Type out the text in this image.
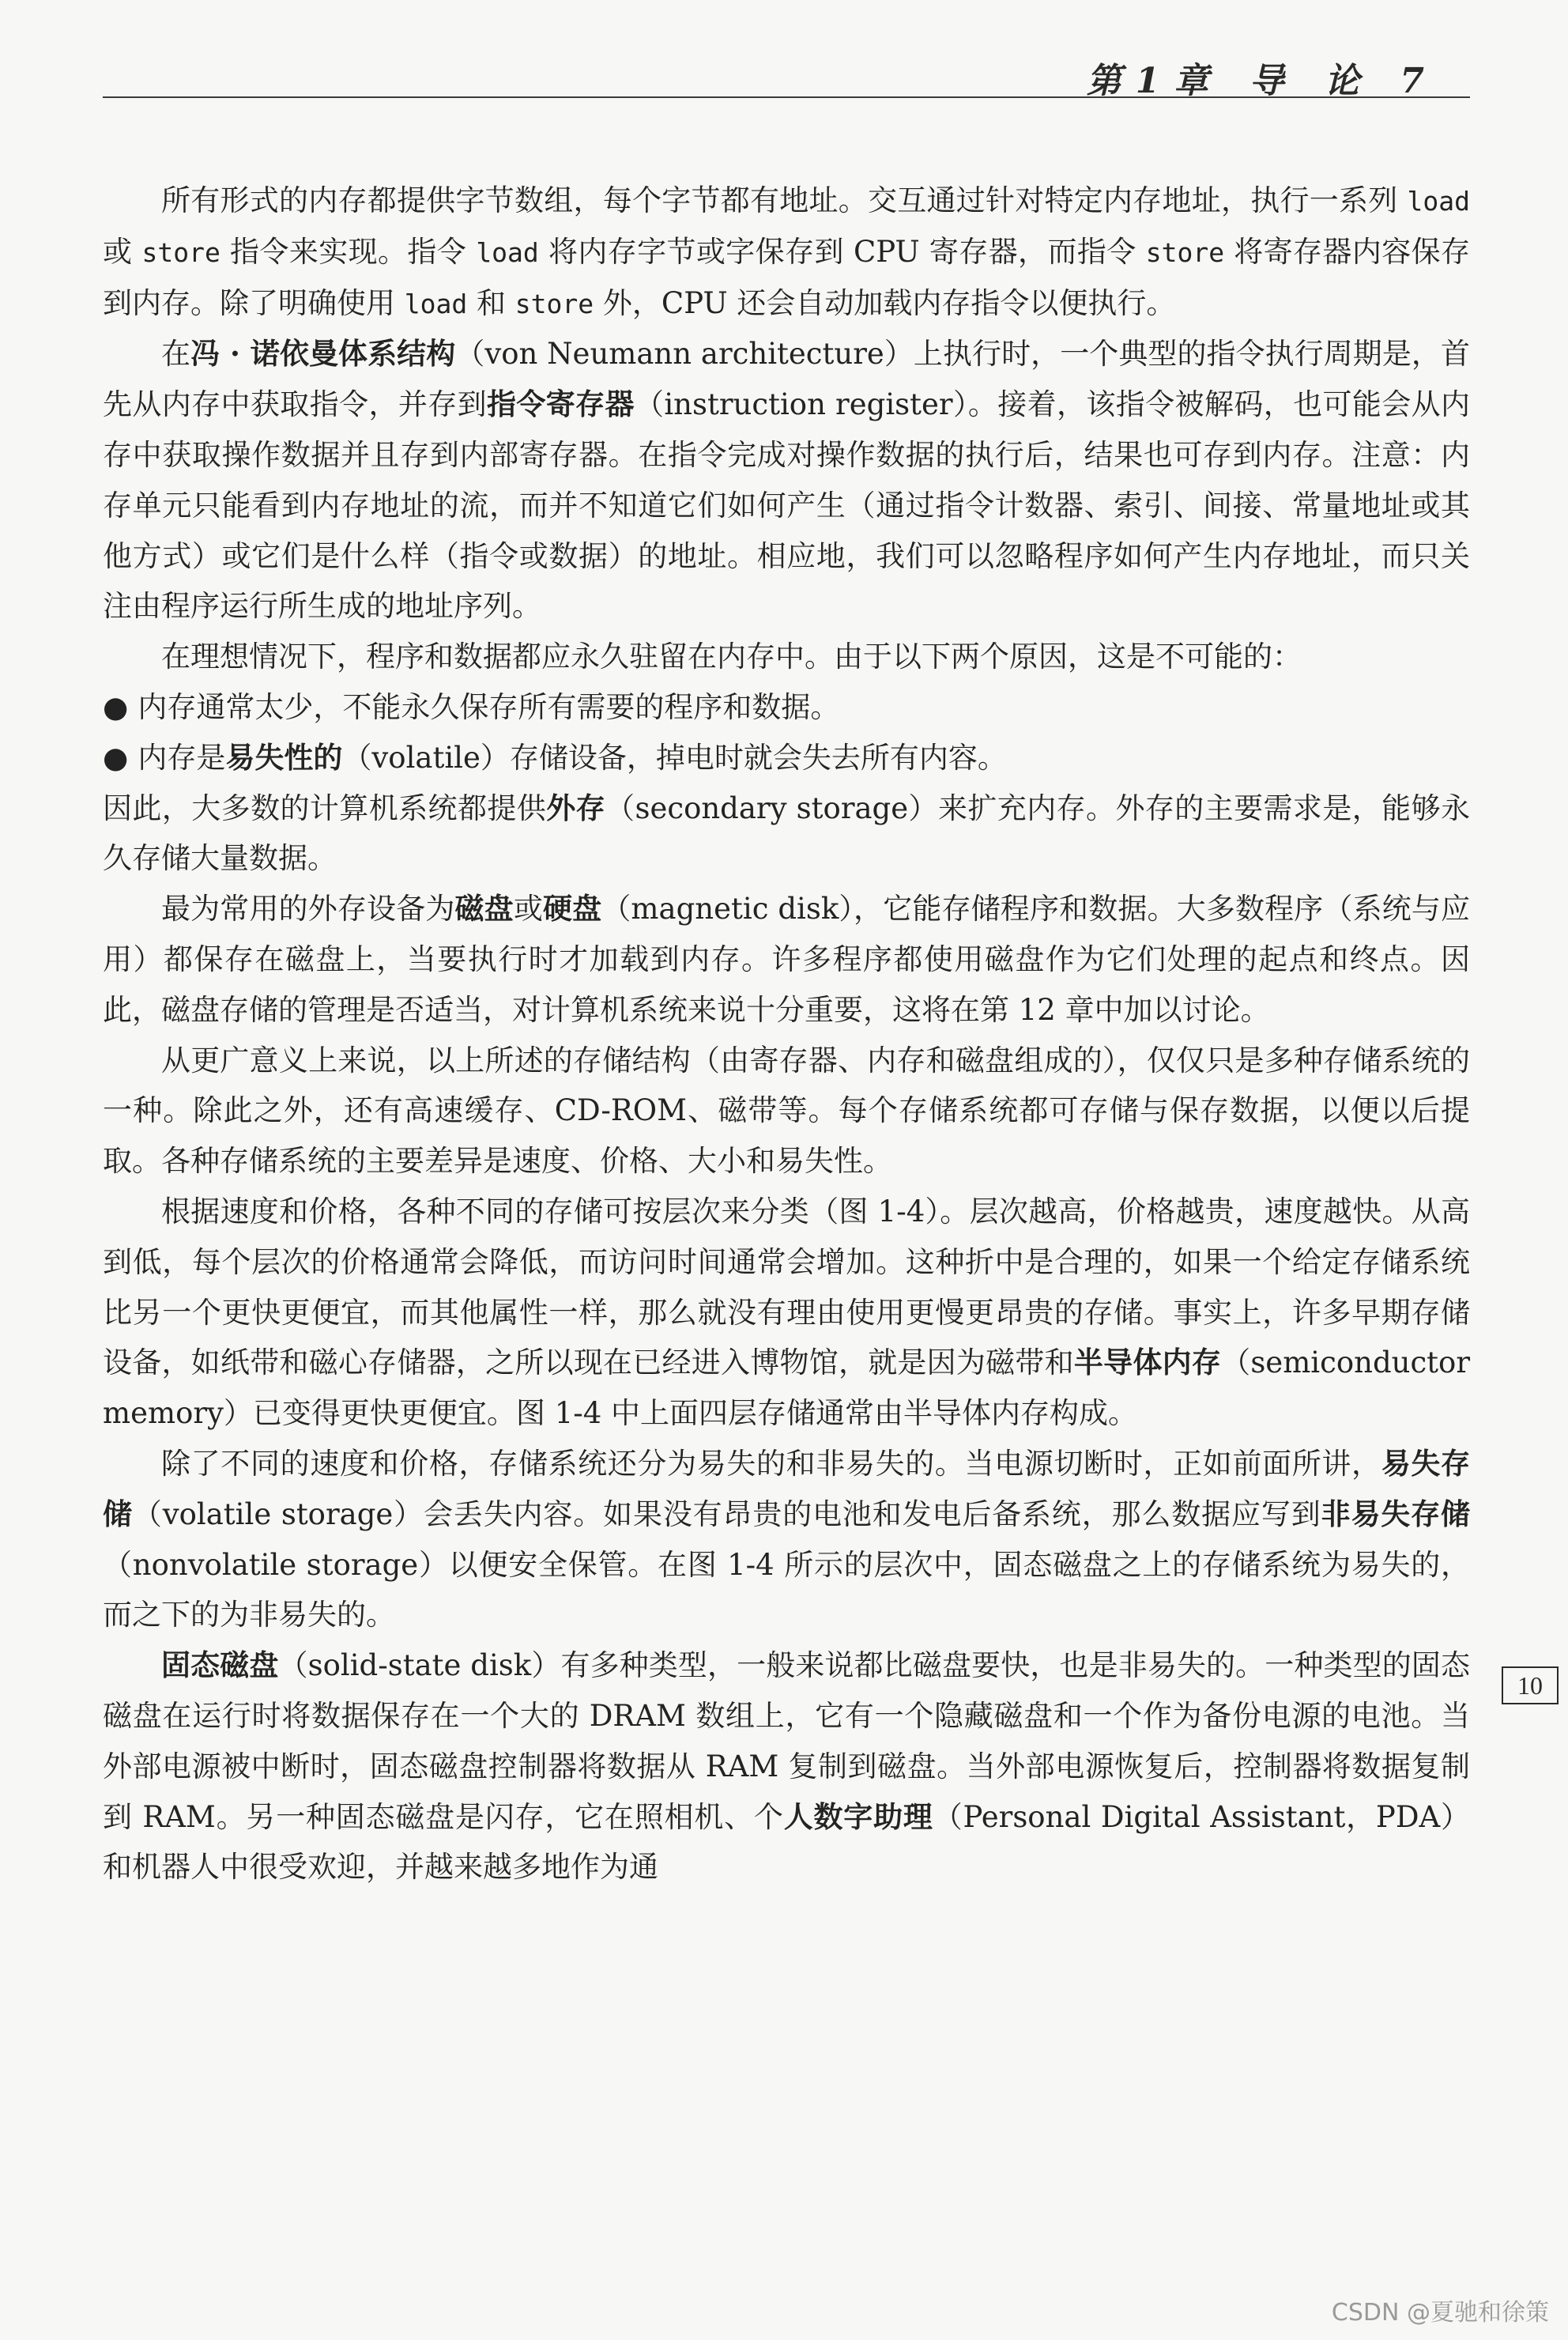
第1章 导 论 7

所有形式的内存都提供字节数组，每个字节都有地址。交互通过针对特定内存地址，执行一系列 load 或 store 指令来实现。指令 load 将内存字节或字保存到 CPU 寄存器，而指令 store 将寄存器内容保存到内存。除了明确使用 load 和 store 外，CPU 还会自动加载内存指令以便执行。

在冯 · 诺依曼体系结构（von Neumann architecture）上执行时，一个典型的指令执行周期是，首先从内存中获取指令，并存到指令寄存器（instruction register）。接着，该指令被解码，也可能会从内存中获取操作数据并且存到内部寄存器。在指令完成对操作数据的执行后，结果也可存到内存。注意：内存单元只能看到内存地址的流，而并不知道它们如何产生（通过指令计数器、索引、间接、常量地址或其他方式）或它们是什么样（指令或数据）的地址。相应地，我们可以忽略程序如何产生内存地址，而只关注由程序运行所生成的地址序列。

在理想情况下，程序和数据都应永久驻留在内存中。由于以下两个原因，这是不可能的：

● 内存通常太少，不能永久保存所有需要的程序和数据。

● 内存是易失性的（volatile）存储设备，掉电时就会失去所有内容。

因此，大多数的计算机系统都提供外存（secondary storage）来扩充内存。外存的主要需求是，能够永久存储大量数据。

最为常用的外存设备为磁盘或硬盘（magnetic disk），它能存储程序和数据。大多数程序（系统与应用）都保存在磁盘上，当要执行时才加载到内存。许多程序都使用磁盘作为它们处理的起点和终点。因此，磁盘存储的管理是否适当，对计算机系统来说十分重要，这将在第 12 章中加以讨论。

从更广意义上来说，以上所述的存储结构（由寄存器、内存和磁盘组成的），仅仅只是多种存储系统的一种。除此之外，还有高速缓存、CD-ROM、磁带等。每个存储系统都可存储与保存数据，以便以后提取。各种存储系统的主要差异是速度、价格、大小和易失性。

根据速度和价格，各种不同的存储可按层次来分类（图 1-4）。层次越高，价格越贵，速度越快。从高到低，每个层次的价格通常会降低，而访问时间通常会增加。这种折中是合理的，如果一个给定存储系统比另一个更快更便宜，而其他属性一样，那么就没有理由使用更慢更昂贵的存储。事实上，许多早期存储设备，如纸带和磁心存储器，之所以现在已经进入博物馆，就是因为磁带和半导体内存（semiconductor memory）已变得更快更便宜。图 1-4 中上面四层存储通常由半导体内存构成。

除了不同的速度和价格，存储系统还分为易失的和非易失的。当电源切断时，正如前面所讲，易失存储（volatile storage）会丢失内容。如果没有昂贵的电池和发电后备系统，那么数据应写到非易失存储（nonvolatile storage）以便安全保管。在图 1-4 所示的层次中，固态磁盘之上的存储系统为易失的，而之下的为非易失的。

固态磁盘（solid-state disk）有多种类型，一般来说都比磁盘要快，也是非易失的。一种类型的固态磁盘在运行时将数据保存在一个大的 DRAM 数组上，它有一个隐藏磁盘和一个作为备份电源的电池。当外部电源被中断时，固态磁盘控制器将数据从 RAM 复制到磁盘。当外部电源恢复后，控制器将数据复制到 RAM。另一种固态磁盘是闪存，它在照相机、个人数字助理（Personal Digital Assistant，PDA）和机器人中很受欢迎，并越来越多地作为通

10
CSDN @夏驰和徐策
